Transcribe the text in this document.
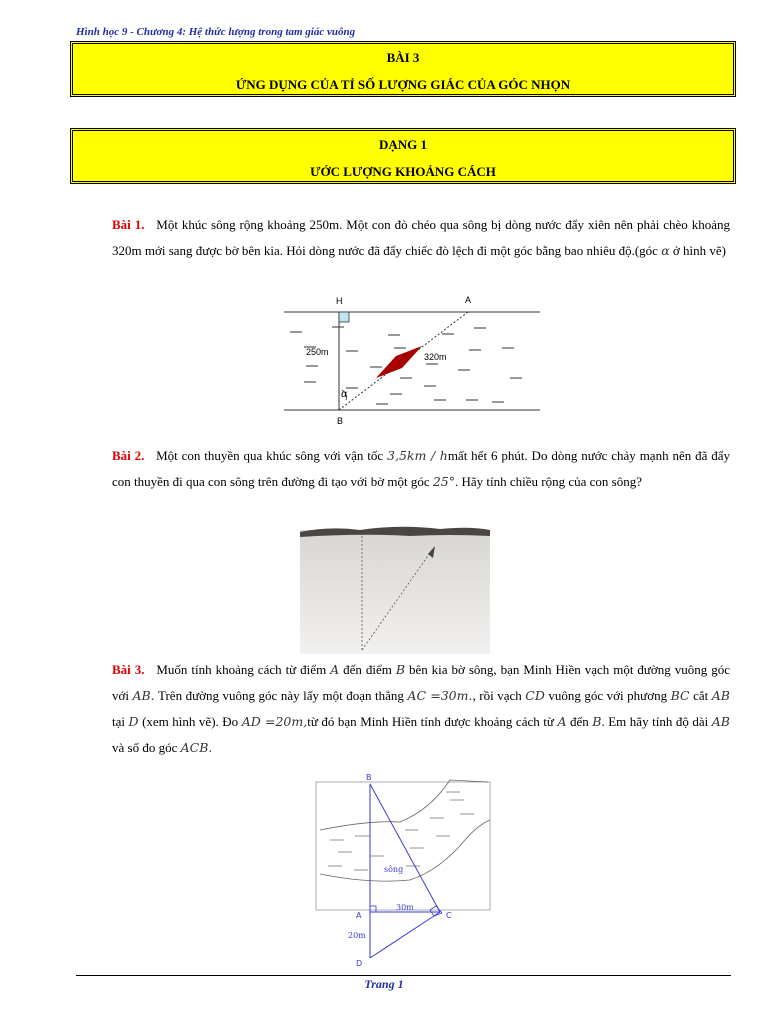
Hình học 9 - Chương 4: Hệ thức lượng trong tam giác vuông
BÀI 3
ỨNG DỤNG CỦA TỈ SỐ LƯỢNG GIÁC CỦA GÓC NHỌN
DẠNG 1
ƯỚC LƯỢNG KHOẢNG CÁCH
Bài 1. Một khúc sông rộng khoảng 250m. Một con đò chéo qua sông bị dòng nước đẩy xiên nên phải chèo khoảng 320m mới sang được bờ bên kia. Hỏi dòng nước đã đẩy chiếc đò lệch đi một góc bằng bao nhiêu độ.(góc α ở hình vẽ)
H	A
B
250m	320m
α
Bài 2. Một con thuyền qua khúc sông với vận tốc 3,5km / hmất hết 6 phút. Do dòng nước chảy mạnh nên đã đẩy con thuyền đi qua con sông trên đường đi tạo với bờ một góc 25°. Hãy tính chiều rộng của con sông?
Bài 3. Muốn tính khoảng cách từ điểm A đến điểm B bên kia bờ sông, bạn Minh Hiền vạch một đường vuông góc với AB. Trên đường vuông góc này lấy một đoạn thẳng AC =30m., rồi vạch CD vuông góc với phương BC cắt AB tại D (xem hình vẽ). Đo AD =20m,từ đó bạn Minh Hiền tính được khoảng cách từ A đến B. Em hãy tính độ dài AB và số đo góc ACB.
B
A	C
D
sông
30m
20m
Trang 1
